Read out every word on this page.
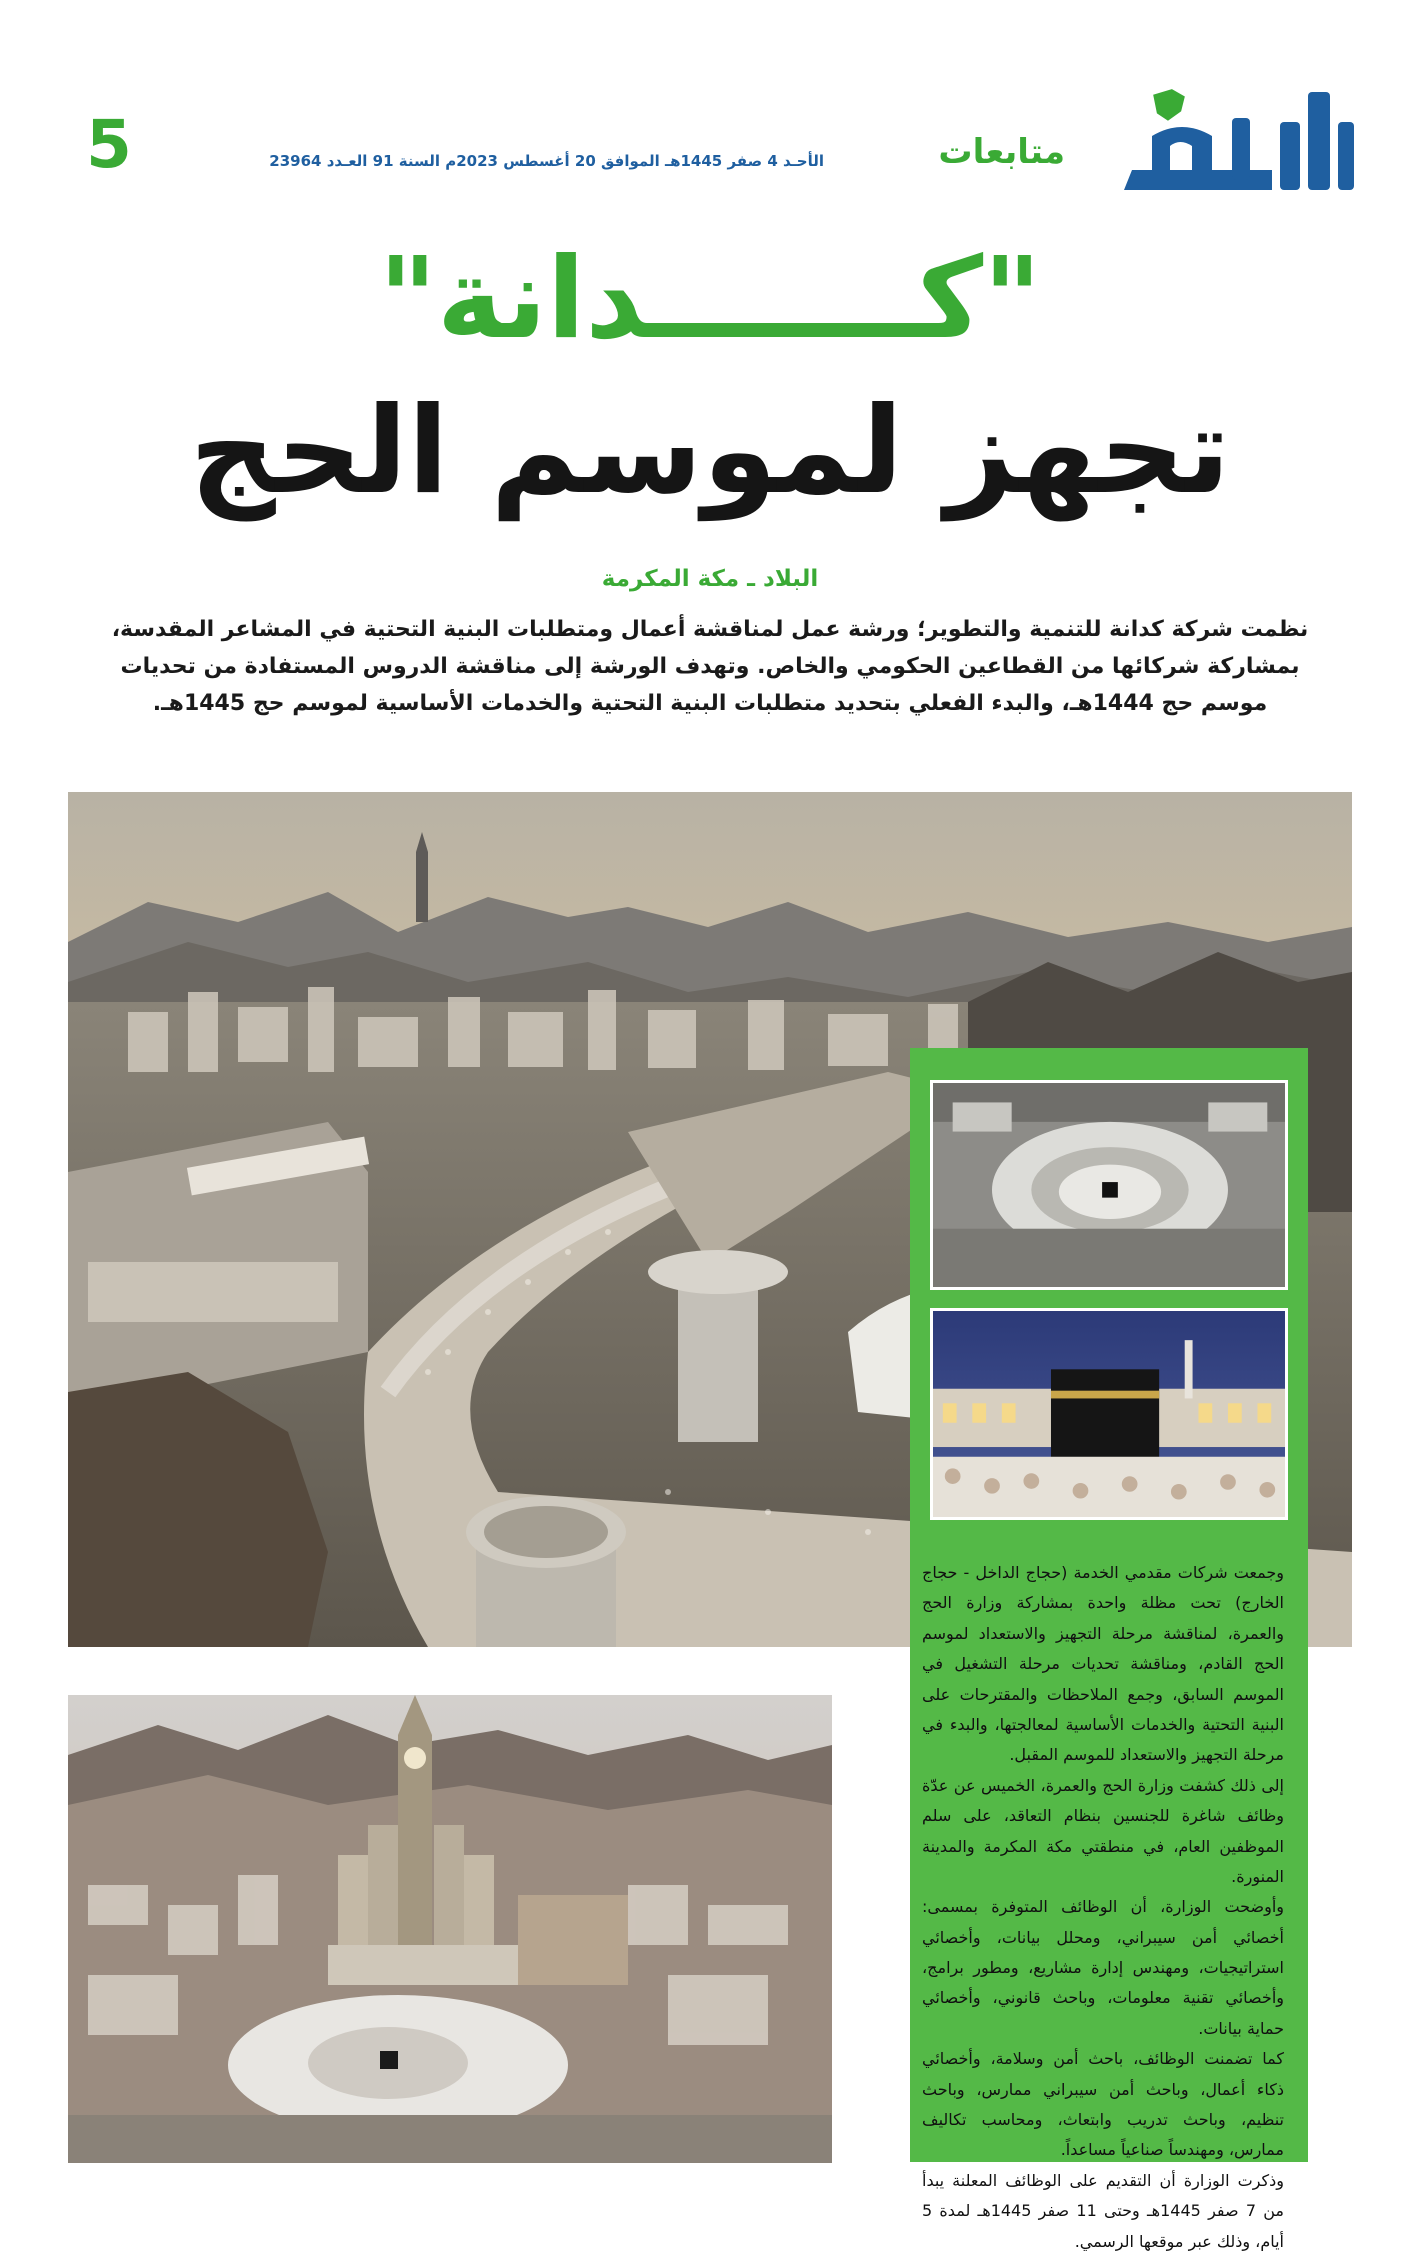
5	الأحـد 4 صفر 1445هـ الموافق 20 أغسطس 2023م السنة 91 العـدد 23964	متابعات
"كـــــــدانة"
تجهز لموسم الحج
البلاد ـ مكة المكرمة
نظمت شركة كدانة للتنمية والتطوير؛ ورشة عمل لمناقشة أعمال ومتطلبات البنية التحتية في المشاعر المقدسة، بمشاركة شركائها من القطاعين الحكومي والخاص. وتهدف الورشة إلى مناقشة الدروس المستفادة من تحديات موسم حج 1444هـ، والبدء الفعلي بتحديد متطلبات البنية التحتية والخدمات الأساسية لموسم حج 1445هـ.

وجمعت شركات مقدمي الخدمة (حجاج الداخل - حجاج الخارج) تحت مظلة واحدة بمشاركة وزارة الحج والعمرة، لمناقشة مرحلة التجهيز والاستعداد لموسم الحج القادم، ومناقشة تحديات مرحلة التشغيل في الموسم السابق، وجمع الملاحظات والمقترحات على البنية التحتية والخدمات الأساسية لمعالجتها، والبدء في مرحلة التجهيز والاستعداد للموسم المقبل.

إلى ذلك كشفت وزارة الحج والعمرة، الخميس عن عدّة وظائف شاغرة للجنسين بنظام التعاقد، على سلم الموظفين العام، في منطقتي مكة المكرمة والمدينة المنورة.

وأوضحت الوزارة، أن الوظائف المتوفرة بمسمى: أخصائي أمن سيبراني، ومحلل بيانات، وأخصائي استراتيجيات، ومهندس إدارة مشاريع، ومطور برامج، وأخصائي تقنية معلومات، وباحث قانوني، وأخصائي حماية بيانات.

كما تضمنت الوظائف، باحث أمن وسلامة، وأخصائي ذكاء أعمال، وباحث أمن سيبراني ممارس، وباحث تنظيم، وباحث تدريب وابتعاث، ومحاسب تكاليف ممارس، ومهندساً صناعياً مساعداً.

وذكرت الوزارة أن التقديم على الوظائف المعلنة يبدأ من 7 صفر 1445هـ وحتى 11 صفر 1445هـ لمدة 5 أيام، وذلك عبر موقعها الرسمي.
